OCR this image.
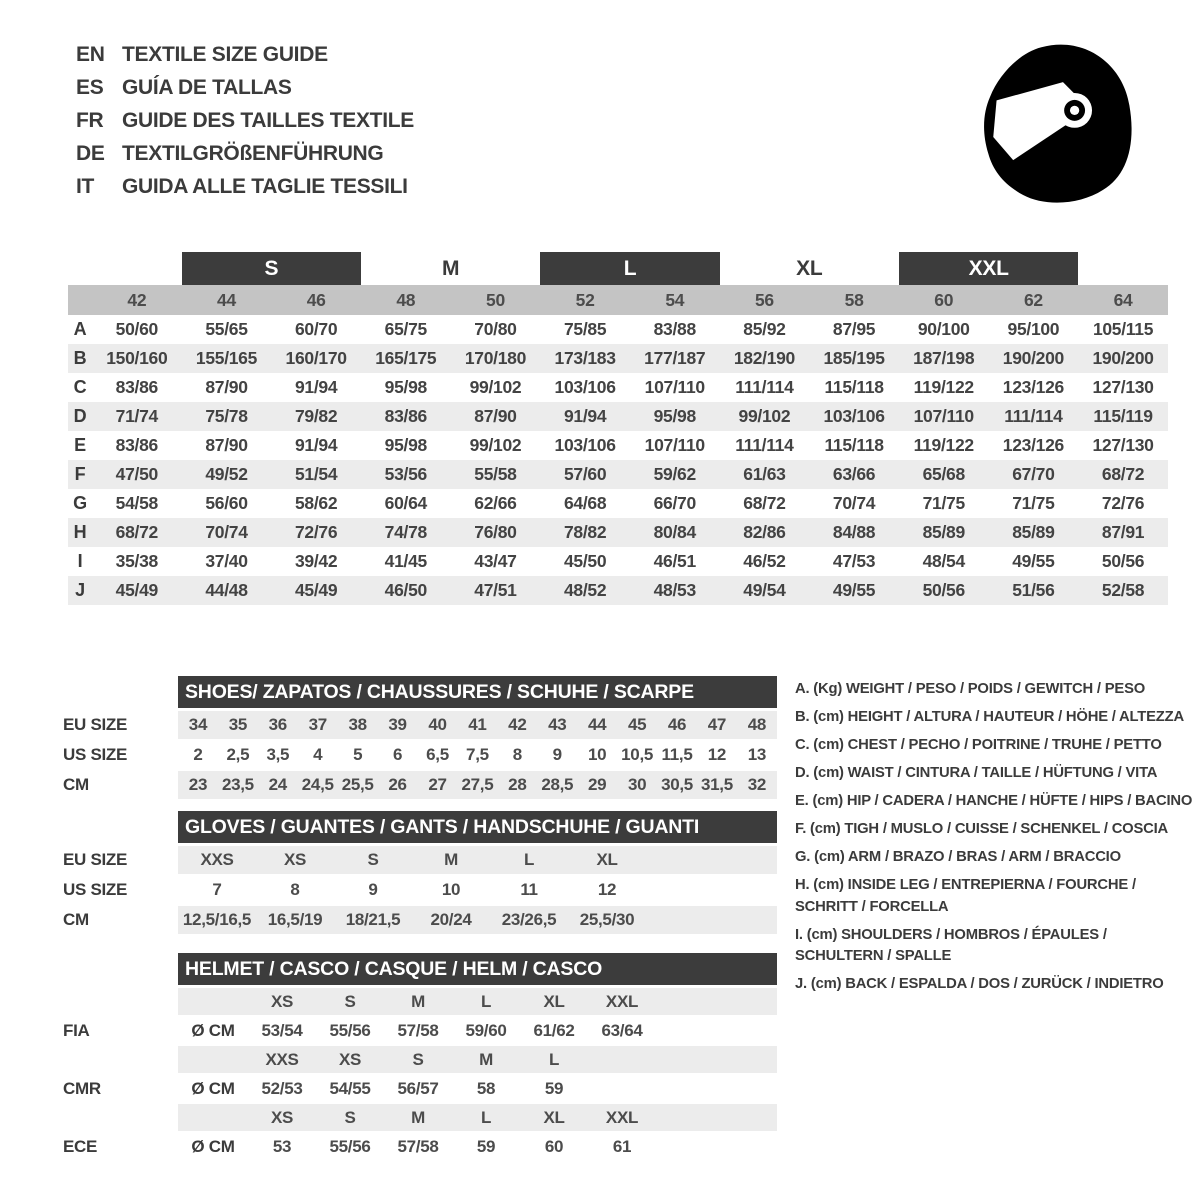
EN TEXTILE SIZE GUIDE
ES GUÍA DE TALLAS
FR GUIDE DES TAILLES TEXTILE
DE TEXTILGRÖßENFÜHRUNG
IT	GUIDA ALLE TAGLIE TESSILI
S	M	L	XL	XXL
42	44	46	48	50	52	54	56	58	60	62	64
A	50/60	55/65	60/70	65/75	70/80	75/85	83/88	85/92	87/95	90/100	95/100	105/115
B	150/160	155/165	160/170	165/175	170/180	173/183	177/187	182/190	185/195	187/198	190/200	190/200
C	83/86	87/90	91/94	95/98	99/102	103/106	107/110	111/114	115/118	119/122	123/126	127/130
D	71/74	75/78	79/82	83/86	87/90	91/94	95/98	99/102	103/106	107/110	111/114	115/119
E	83/86	87/90	91/94	95/98	99/102	103/106	107/110	111/114	115/118	119/122	123/126	127/130
F	47/50	49/52	51/54	53/56	55/58	57/60	59/62	61/63	63/66	65/68	67/70	68/72
G	54/58	56/60	58/62	60/64	62/66	64/68	66/70	68/72	70/74	71/75	71/75	72/76
H	68/72	70/74	72/76	74/78	76/80	78/82	80/84	82/86	84/88	85/89	85/89	87/91
I	35/38	37/40	39/42	41/45	43/47	45/50	46/51	46/52	47/53	48/54	49/55	50/56
J	45/49	44/48	45/49	46/50	47/51	48/52	48/53	49/54	49/55	50/56	51/56	52/58
SHOES/ ZAPATOS / CHAUSSURES / SCHUHE / SCARPE
EU SIZE	34	35	36	37	38	39	40	41	42	43	44	45	46	47	48
US SIZE	2	2,5	3,5	4	5	6	6,5	7,5	8	9	10 10,5 11,5 12	13
CM	23 23,5 24 24,5 25,5 26	27 27,5 28 28,5 29	30 30,5 31,5 32
GLOVES / GUANTES / GANTS / HANDSCHUHE / GUANTI
EU SIZE	XXS	XS	S	M	L	XL
US SIZE	7	8	9	10	11	12
CM	12,5/16,5 16,5/19	18/21,5	20/24	23/26,5	25,5/30
HELMET / CASCO / CASQUE / HELM / CASCO
XS	S	M	L	XL	XXL
FIA	Ø CM	53/54	55/56	57/58	59/60	61/62	63/64
XXS	XS	S	M	L
CMR	Ø CM	52/53	54/55	56/57	58	59
XS	S	M	L	XL	XXL
ECE	Ø CM	53	55/56	57/58	59	60	61
A. (Kg) WEIGHT / PESO / POIDS / GEWITCH / PESO
B. (cm) HEIGHT / ALTURA / HAUTEUR / HÖHE / ALTEZZA
C. (cm) CHEST / PECHO / POITRINE / TRUHE / PETTO
D. (cm) WAIST / CINTURA / TAILLE / HÜFTUNG / VITA
E. (cm) HIP / CADERA / HANCHE / HÜFTE / HIPS / BACINO
F. (cm) TIGH / MUSLO / CUISSE / SCHENKEL / COSCIA
G. (cm) ARM / BRAZO / BRAS / ARM / BRACCIO
H. (cm) INSIDE LEG / ENTREPIERNA / FOURCHE / SCHRITT / FORCELLA
I. (cm) SHOULDERS / HOMBROS / ÉPAULES / SCHULTERN / SPALLE
J. (cm) BACK / ESPALDA / DOS / ZURÜCK / INDIETRO
